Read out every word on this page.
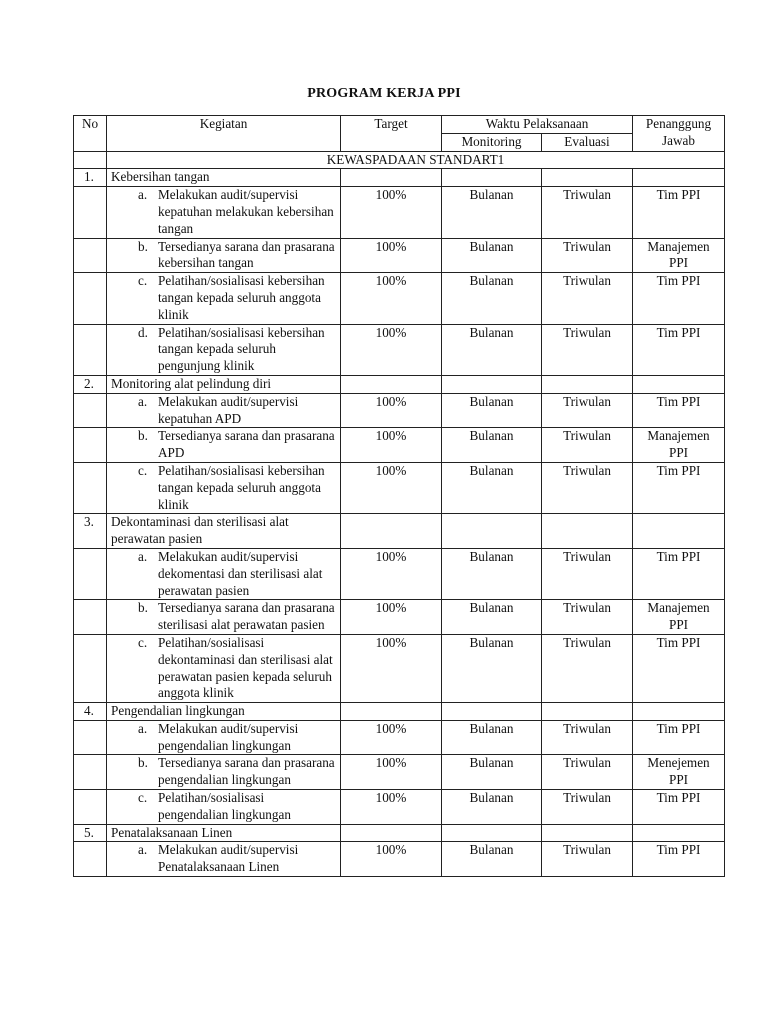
PROGRAM KERJA PPI
No	Kegiatan	Target	Waktu Pelaksanaan		Penanggung Jawab
			Monitoring	Evaluasi	
	KEWASPADAAN STANDART1				
1.	Kebersihan tangan				

	a. Melakukan audit/supervisi kepatuhan melakukan kebersihan tangan	100%	Bulanan	Triwulan	Tim PPI

	b. Tersedianya sarana dan prasarana kebersihan tangan	100%	Bulanan	Triwulan	Manajemen PPI

	c. Pelatihan/sosialisasi kebersihan tangan kepada seluruh anggota klinik	100%	Bulanan	Triwulan	Tim PPI

	d. Pelatihan/sosialisasi kebersihan tangan kepada seluruh pengunjung klinik	100%	Bulanan	Triwulan	Tim PPI
2.	Monitoring alat pelindung diri				

	a. Melakukan audit/supervisi kepatuhan APD	100%	Bulanan	Triwulan	Tim PPI

	b. Tersedianya sarana dan prasarana APD	100%	Bulanan	Triwulan	Manajemen PPI

	c. Pelatihan/sosialisasi kebersihan tangan kepada seluruh anggota klinik	100%	Bulanan	Triwulan	Tim PPI
3.	Dekontaminasi dan sterilisasi alat perawatan pasien				

	a. Melakukan audit/supervisi dekomentasi dan sterilisasi alat perawatan pasien	100%	Bulanan	Triwulan	Tim PPI

	b. Tersedianya sarana dan prasarana sterilisasi alat perawatan pasien	100%	Bulanan	Triwulan	Manajemen PPI

	c. Pelatihan/sosialisasi dekontaminasi dan sterilisasi alat perawatan pasien kepada seluruh anggota klinik	100%	Bulanan	Triwulan	Tim PPI
4.	Pengendalian lingkungan				

	a. Melakukan audit/supervisi pengendalian lingkungan	100%	Bulanan	Triwulan	Tim PPI

	b. Tersedianya sarana dan prasarana pengendalian lingkungan	100%	Bulanan	Triwulan	Menejemen PPI

	c. Pelatihan/sosialisasi pengendalian lingkungan	100%	Bulanan	Triwulan	Tim PPI
5.	Penatalaksanaan Linen				

	a. Melakukan audit/supervisi Penatalaksanaan Linen	100%	Bulanan	Triwulan	Tim PPI
